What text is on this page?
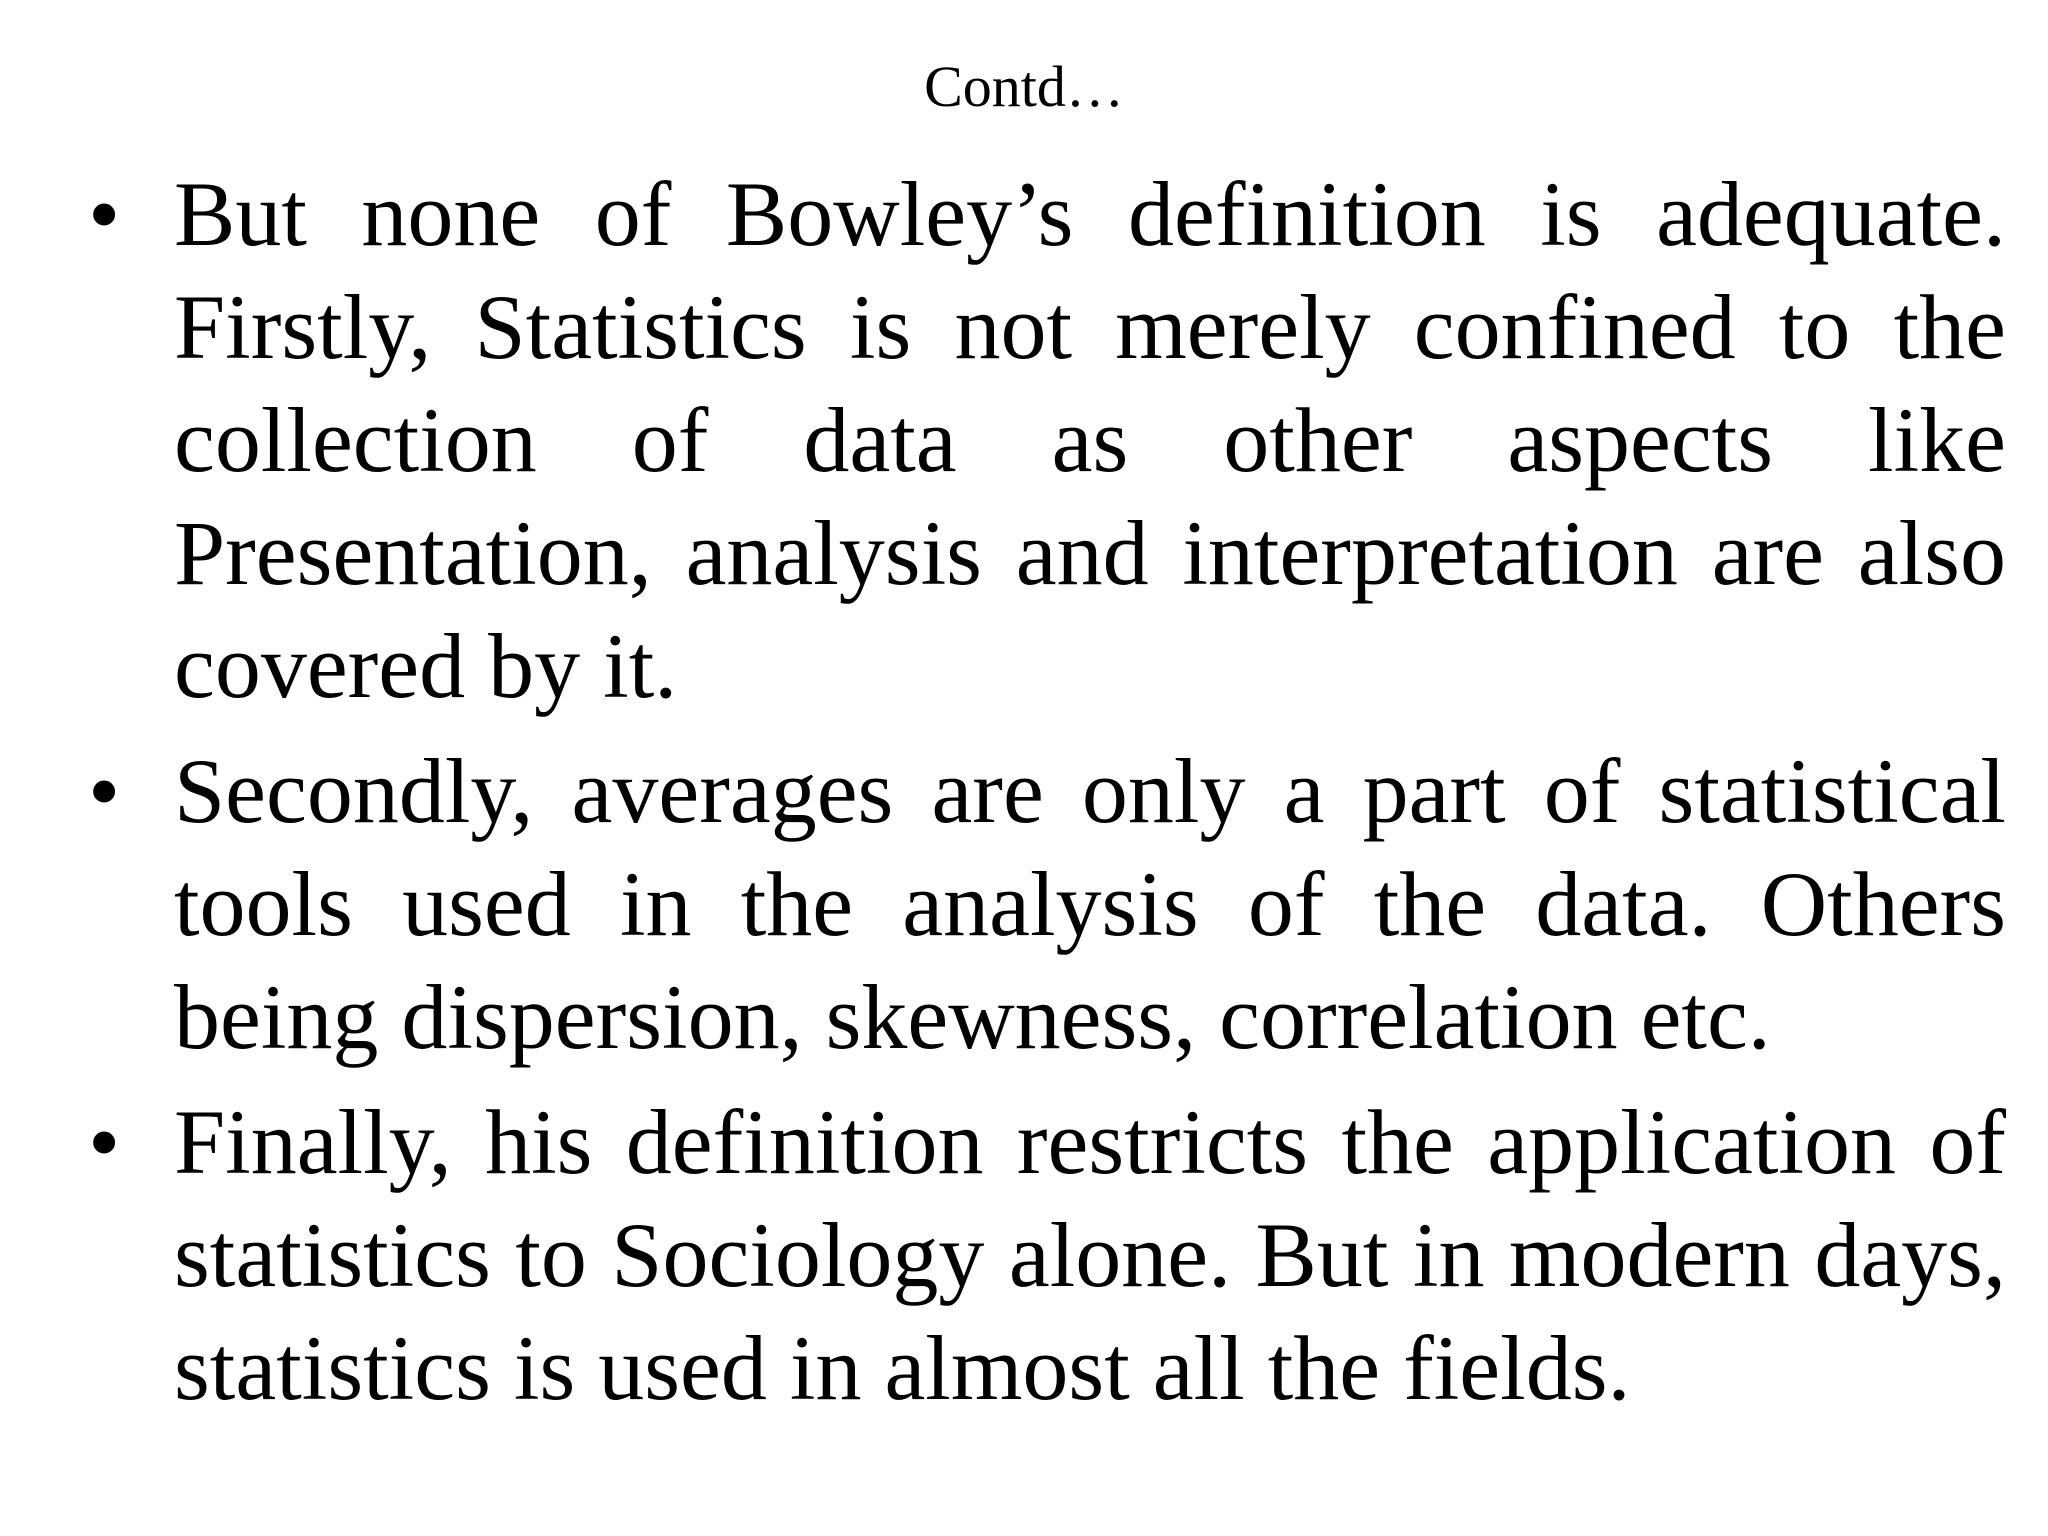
Contd…
• But none of Bowley’s definition is adequate. Firstly, Statistics is not merely confined to the collection of data as other aspects like Presentation, analysis and interpretation are also covered by it.
• Secondly, averages are only a part of statistical tools used in the analysis of the data. Others being dispersion, skewness, correlation etc.
• Finally, his definition restricts the application of statistics to Sociology alone. But in modern days, statistics is used in almost all the fields.
